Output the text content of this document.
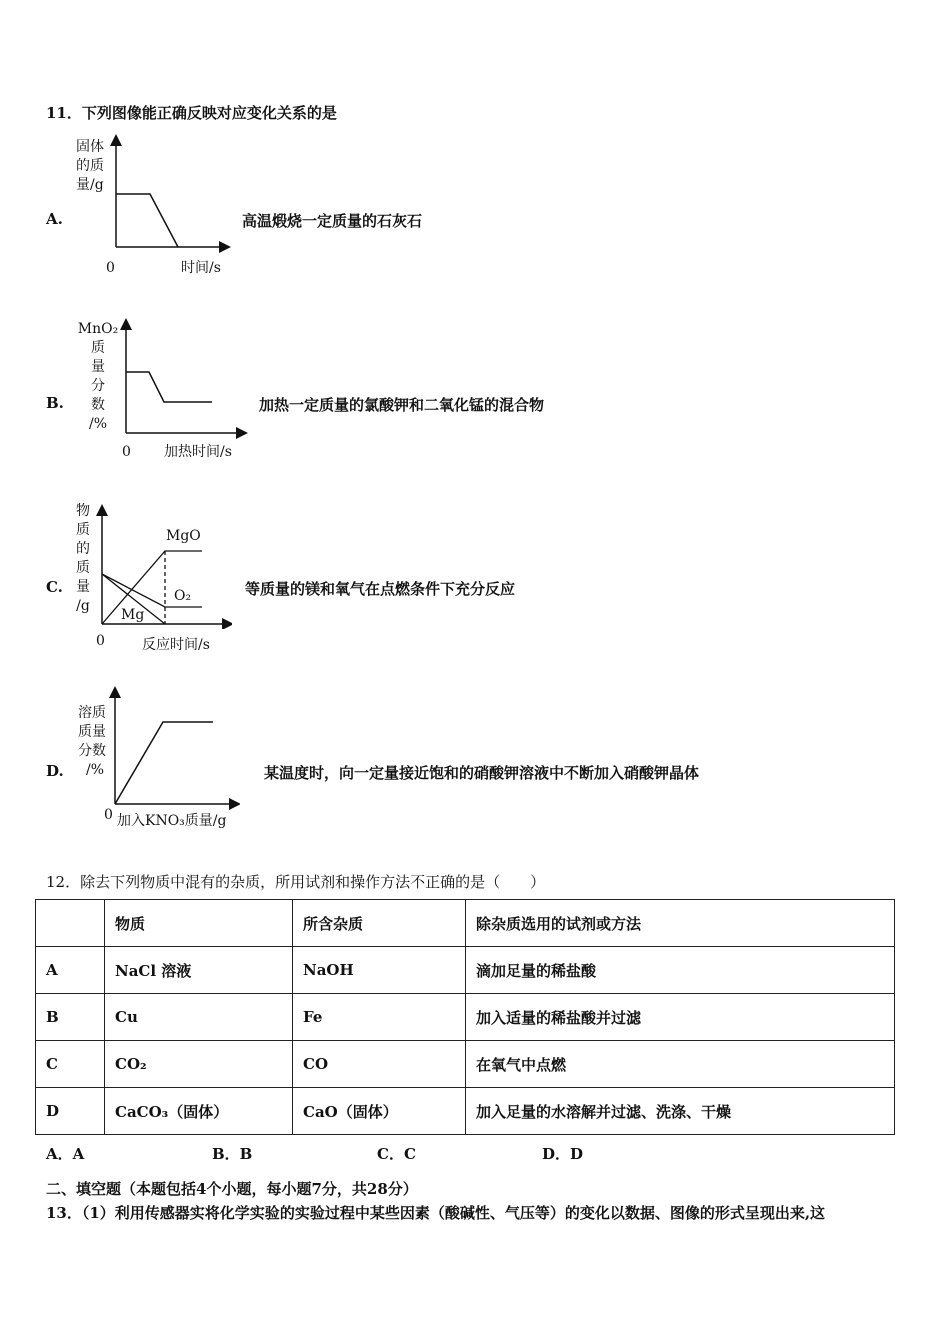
11．下列图像能正确反映对应变化关系的是
A.
固体
的质
量/g
0	时间/s
高温煅烧一定质量的石灰石
B.
MnO₂
质
量
分
数
/%
0 加热时间/s
加热一定质量的氯酸钾和二氧化锰的混合物
C.
物
质
的
质
量
/g
MgO
O₂
Mg
0	反应时间/s
等质量的镁和氧气在点燃条件下充分反应
D.
溶质
质量
分数
/%
0 加入KNO₃质量/g
某温度时，向一定量接近饱和的硝酸钾溶液中不断加入硝酸钾晶体
12．除去下列物质中混有的杂质，所用试剂和操作方法不正确的是（　　）
	物质	所含杂质	除杂质选用的试剂或方法
A	NaCl 溶液	NaOH	滴加足量的稀盐酸
B	Cu	Fe	加入适量的稀盐酸并过滤
C	CO₂	CO	在氧气中点燃
D	CaCO₃（固体）	CaO（固体）	加入足量的水溶解并过滤、洗涤、干燥
A．A	B．B	C．C	D．D
二、填空题（本题包括4个小题，每小题7分，共28分）
13．（1）利用传感器实将化学实验的实验过程中某些因素（酸碱性、气压等）的变化以数据、图像的形式呈现出来,这
